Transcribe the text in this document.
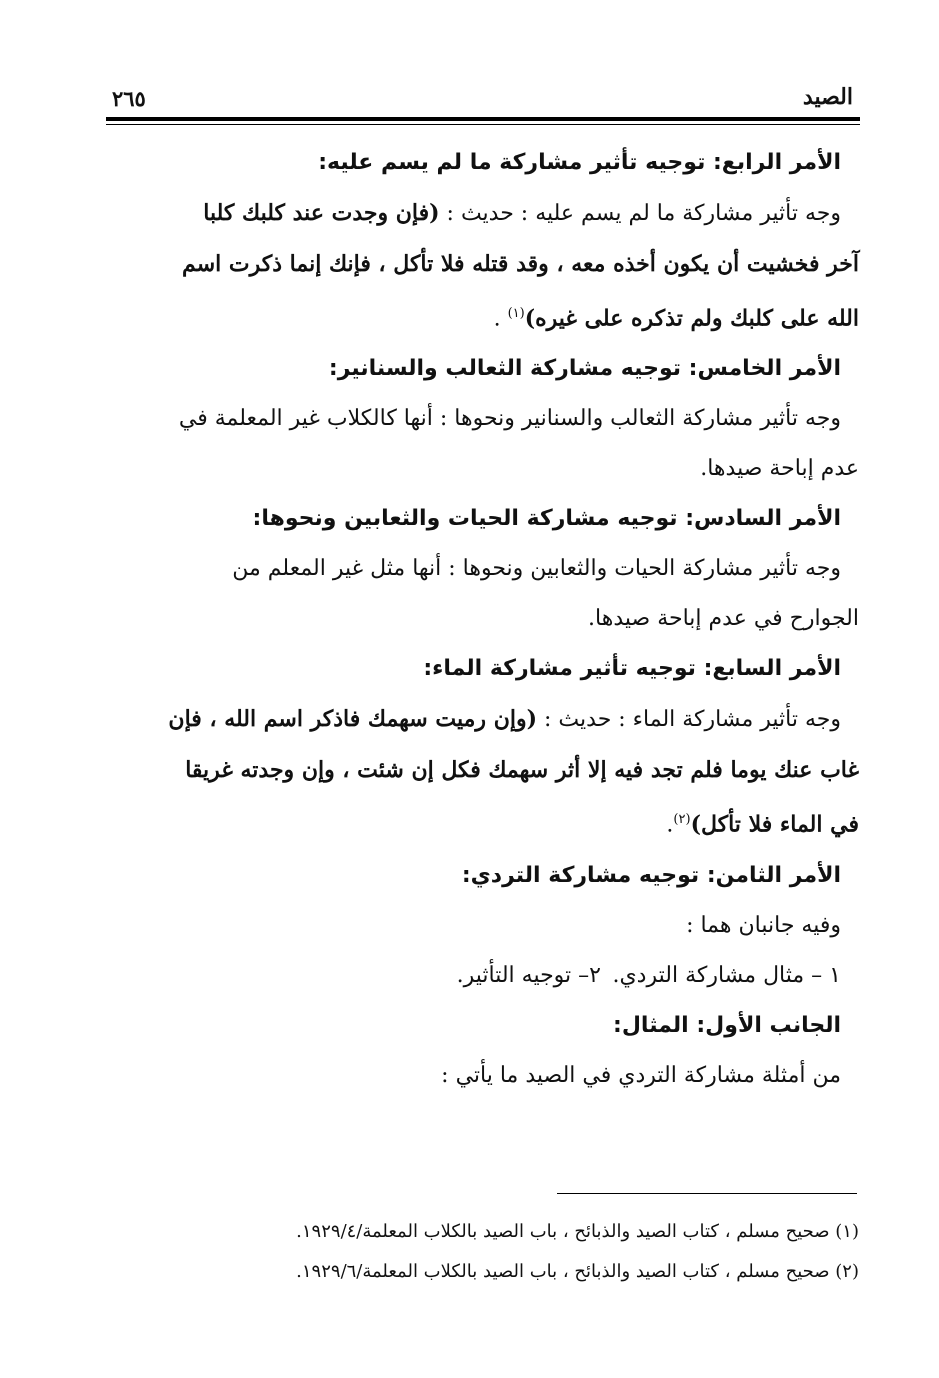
الصيد
٢٦٥
الأمر الرابع: توجيه تأثير مشاركة ما لم يسم عليه:
وجه تأثير مشاركة ما لم يسم عليه : حديث : (فإن وجدت عند كلبك كلبا
آخر فخشيت أن يكون أخذه معه ، وقد قتله فلا تأكل ، فإنك إنما ذكرت اسم
الله على كلبك ولم تذكره على غيره)$^{(١)}$ .
الأمر الخامس: توجيه مشاركة الثعالب والسنانير:
وجه تأثير مشاركة الثعالب والسنانير ونحوها : أنها كالكلاب غير المعلمة في
عدم إباحة صيدها.
الأمر السادس: توجيه مشاركة الحيات والثعابين ونحوها:
وجه تأثير مشاركة الحيات والثعابين ونحوها : أنها مثل غير المعلم من
الجوارح في عدم إباحة صيدها.
الأمر السابع: توجيه تأثير مشاركة الماء:
وجه تأثير مشاركة الماء : حديث : (وإن رميت سهمك فاذكر اسم الله ، فإن
غاب عنك يوما فلم تجد فيه إلا أثر سهمك فكل إن شئت ، وإن وجدته غريقا
في الماء فلا تأكل)$^{(٢)}$.
الأمر الثامن: توجيه مشاركة التردي:
وفيه جانبان هما :
١ – مثال مشاركة التردي.
٢– توجيه التأثير.
الجانب الأول: المثال:
من أمثلة مشاركة التردي في الصيد ما يأتي :
(١) صحيح مسلم ، كتاب الصيد والذبائح ، باب الصيد بالكلاب المعلمة/١٩٢٩/٤.
(٢) صحيح مسلم ، كتاب الصيد والذبائح ، باب الصيد بالكلاب المعلمة/١٩٢٩/٦.
